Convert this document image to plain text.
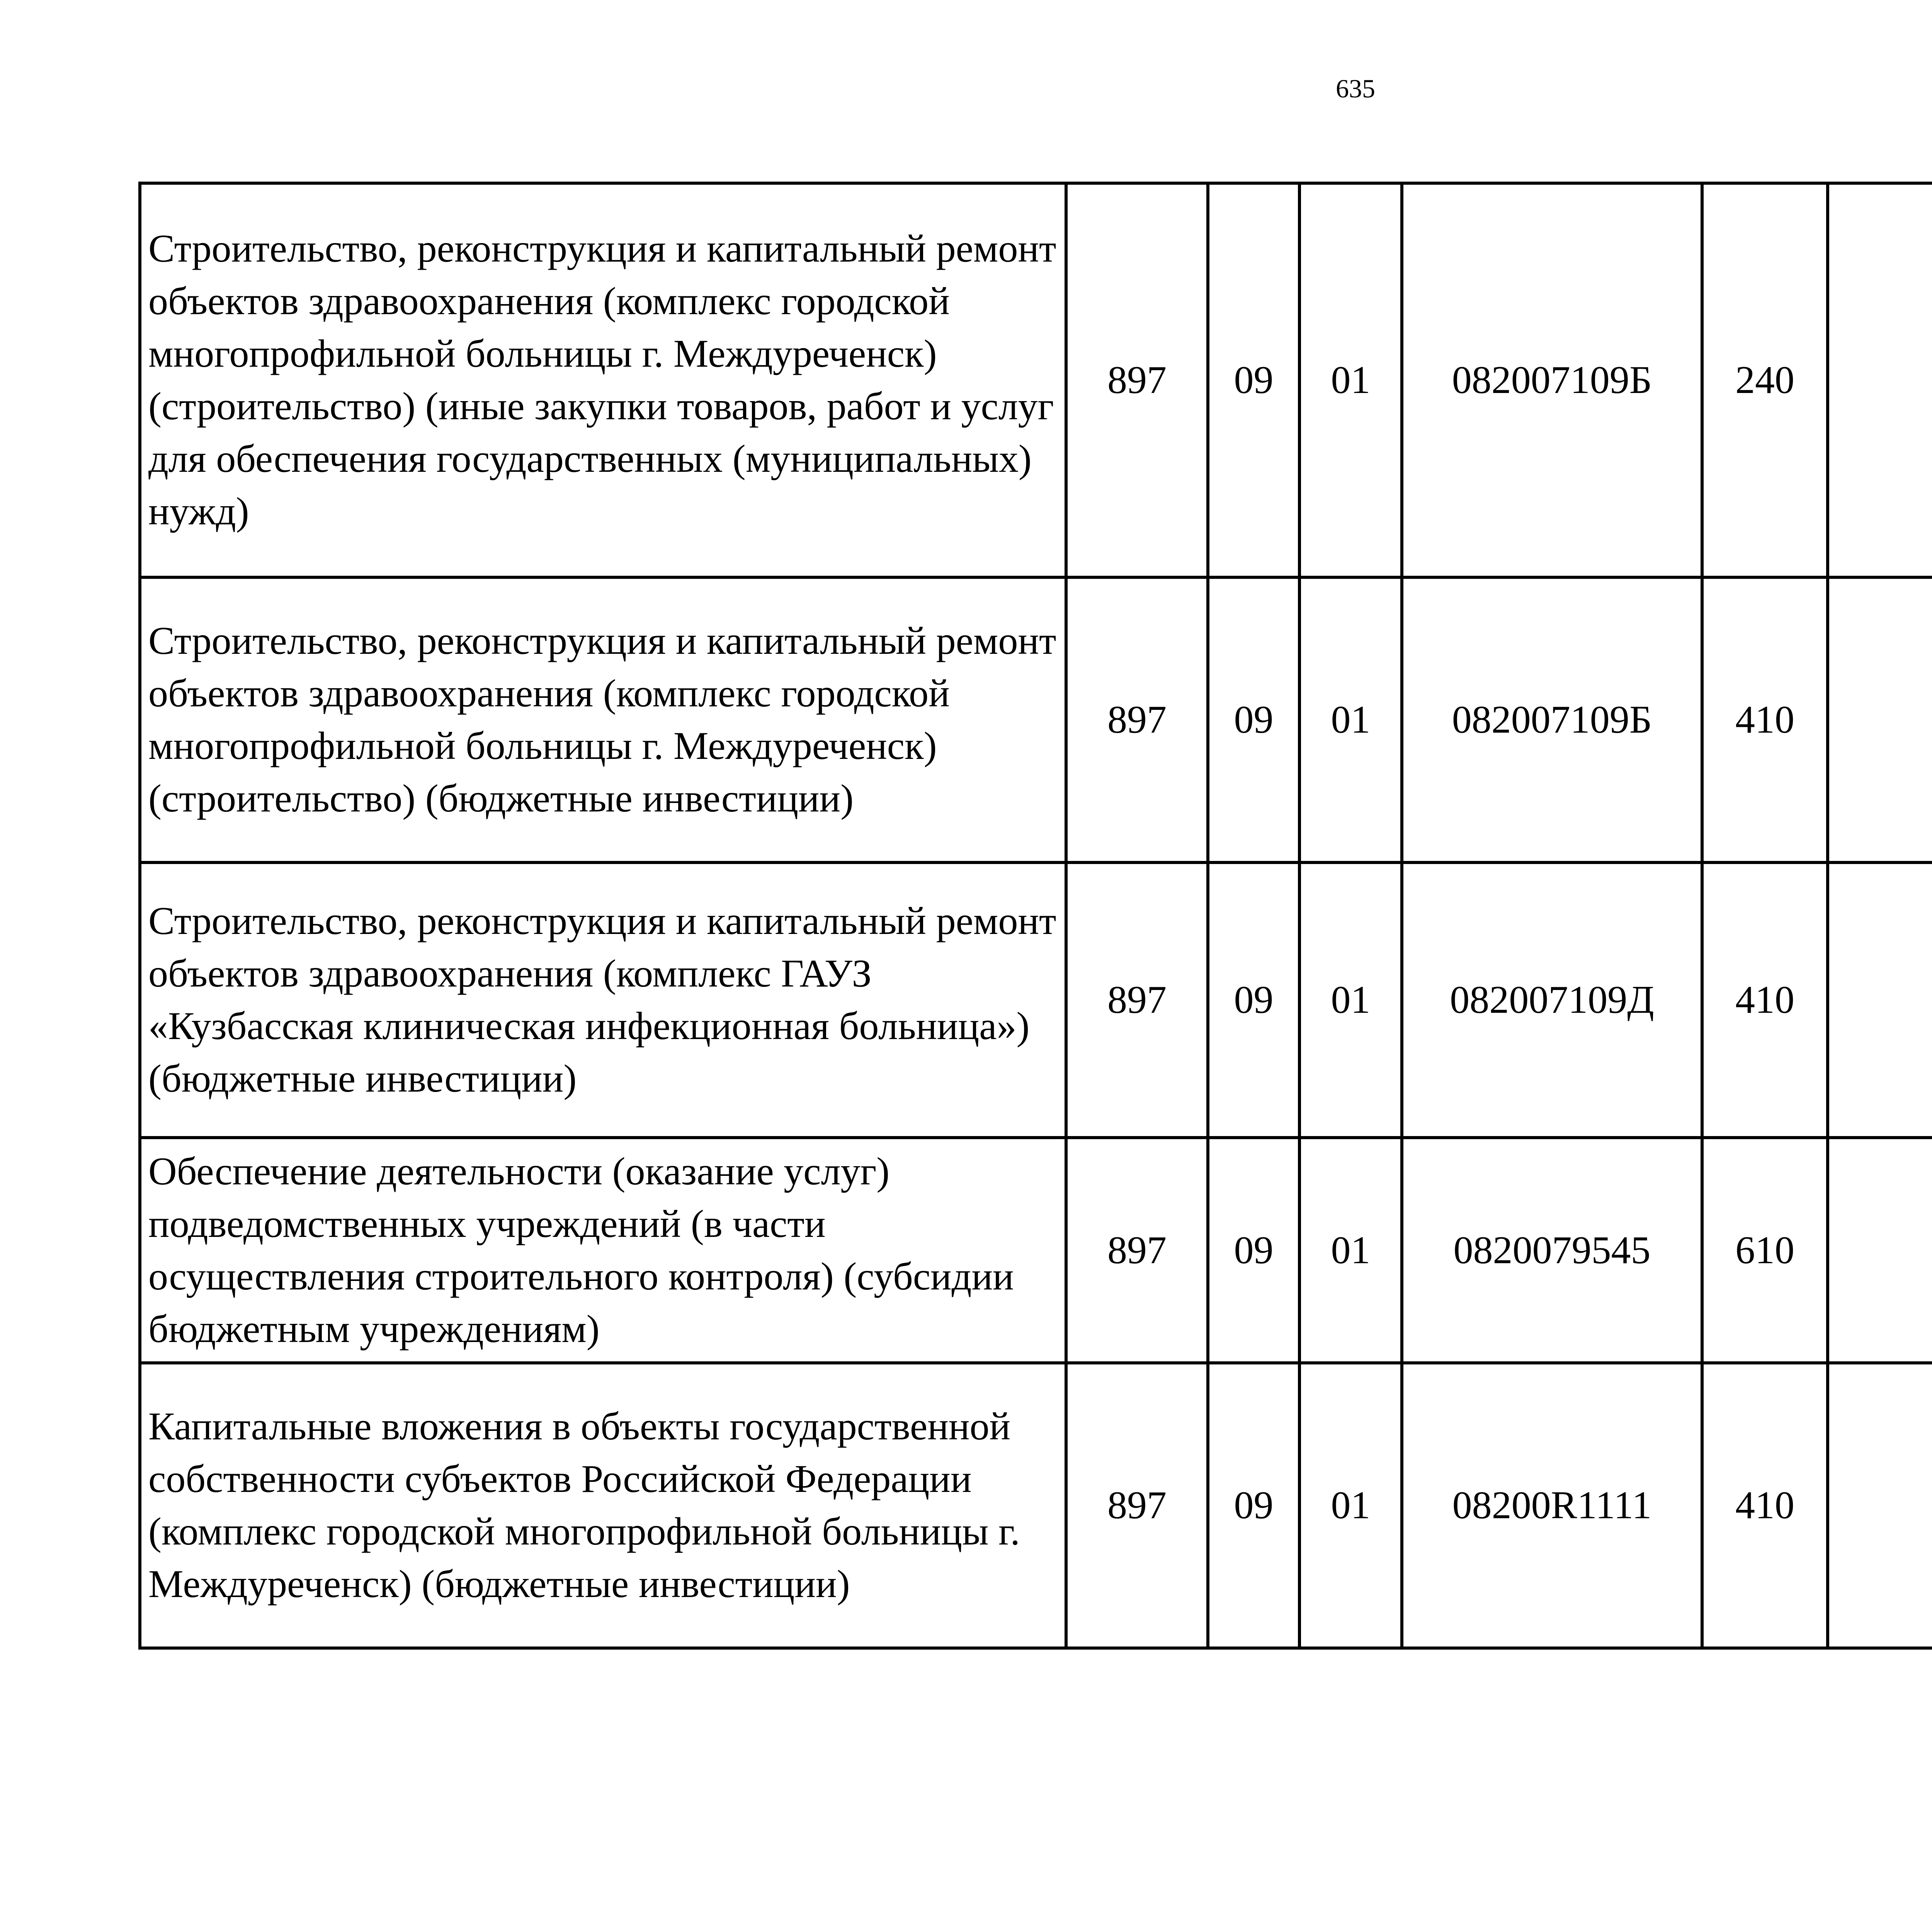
635
Строительство, реконструкция и капитальный ремонт объектов здравоохранения (комплекс городской многопрофильной больницы г. Междуреченск) (строительство) (иные закупки товаров, работ и услуг для обеспечения государственных (муниципальных) нужд)	897	09	01	082007109Б	240			
Строительство, реконструкция и капитальный ремонт объектов здравоохранения (комплекс городской многопрофильной больницы г. Междуреченск) (строительство) (бюджетные инвестиции)	897	09	01	082007109Б	410			
Строительство, реконструкция и капитальный ремонт объектов здравоохранения (комплекс ГАУЗ «Кузбасская клиническая инфекционная больница») (бюджетные инвестиции)	897	09	01	082007109Д	410			
Обеспечение деятельности (оказание услуг) подведомственных учреждений (в части осуществления строительного контроля) (субсидии бюджетным учреждениям)	897	09	01	0820079545	610			
Капитальные вложения в объекты государственной собственности субъектов Российской Федерации (комплекс городской многопрофильной больницы г. Междуреченск) (бюджетные инвестиции)	897	09	01	08200R1111	410			
